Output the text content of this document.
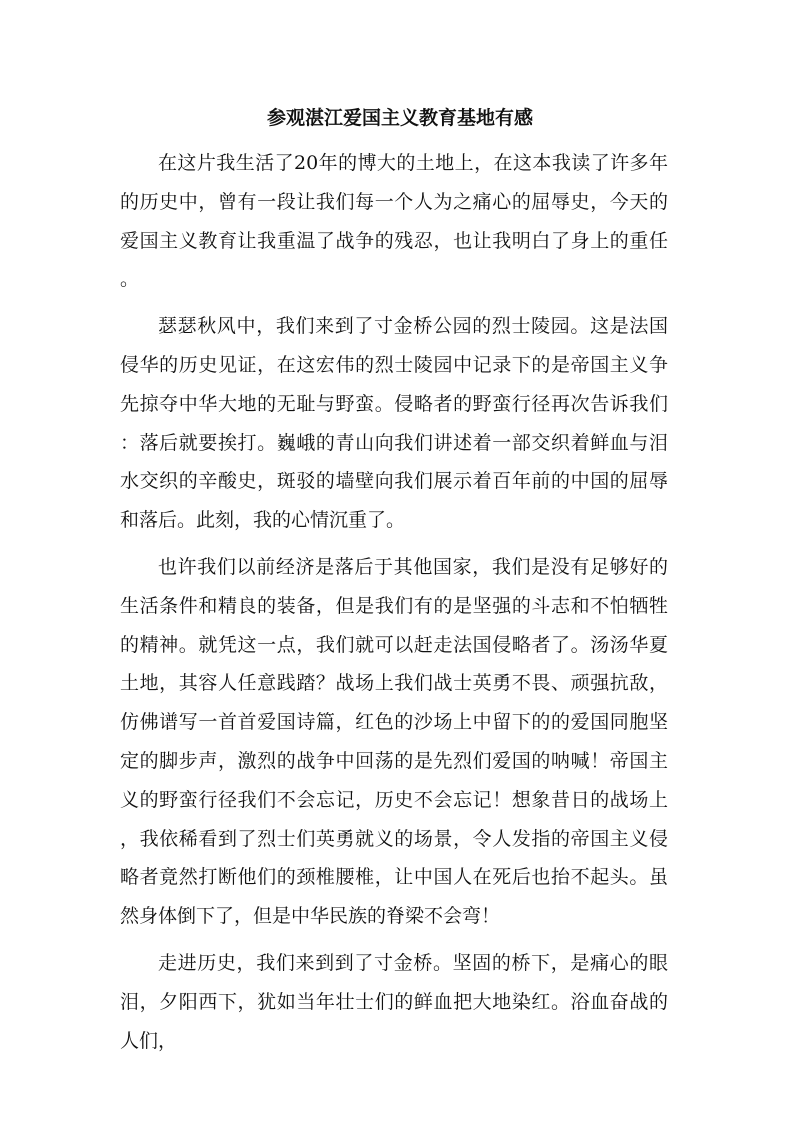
参观湛江爱国主义教育基地有感

在这片我生活了20年的博大的土地上，在这本我读了许多年的历史中，曾有一段让我们每一个人为之痛心的屈辱史，今天的爱国主义教育让我重温了战争的残忍，也让我明白了身上的重任。

瑟瑟秋风中，我们来到了寸金桥公园的烈士陵园。这是法国侵华的历史见证，在这宏伟的烈士陵园中记录下的是帝国主义争先掠夺中华大地的无耻与野蛮。侵略者的野蛮行径再次告诉我们：落后就要挨打。巍峨的青山向我们讲述着一部交织着鲜血与泪水交织的辛酸史，斑驳的墙壁向我们展示着百年前的中国的屈辱和落后。此刻，我的心情沉重了。

也许我们以前经济是落后于其他国家，我们是没有足够好的生活条件和精良的装备，但是我们有的是坚强的斗志和不怕牺牲的精神。就凭这一点，我们就可以赶走法国侵略者了。汤汤华夏土地，其容人任意践踏？战场上我们战士英勇不畏、顽强抗敌，仿佛谱写一首首爱国诗篇，红色的沙场上中留下的的爱国同胞坚定的脚步声，激烈的战争中回荡的是先烈们爱国的呐喊！帝国主义的野蛮行径我们不会忘记，历史不会忘记！想象昔日的战场上，我依稀看到了烈士们英勇就义的场景，令人发指的帝国主义侵略者竟然打断他们的颈椎腰椎，让中国人在死后也抬不起头。虽然身体倒下了，但是中华民族的脊梁不会弯！

走进历史，我们来到到了寸金桥。坚固的桥下，是痛心的眼泪，夕阳西下，犹如当年壮士们的鲜血把大地染红。浴血奋战的人们，
